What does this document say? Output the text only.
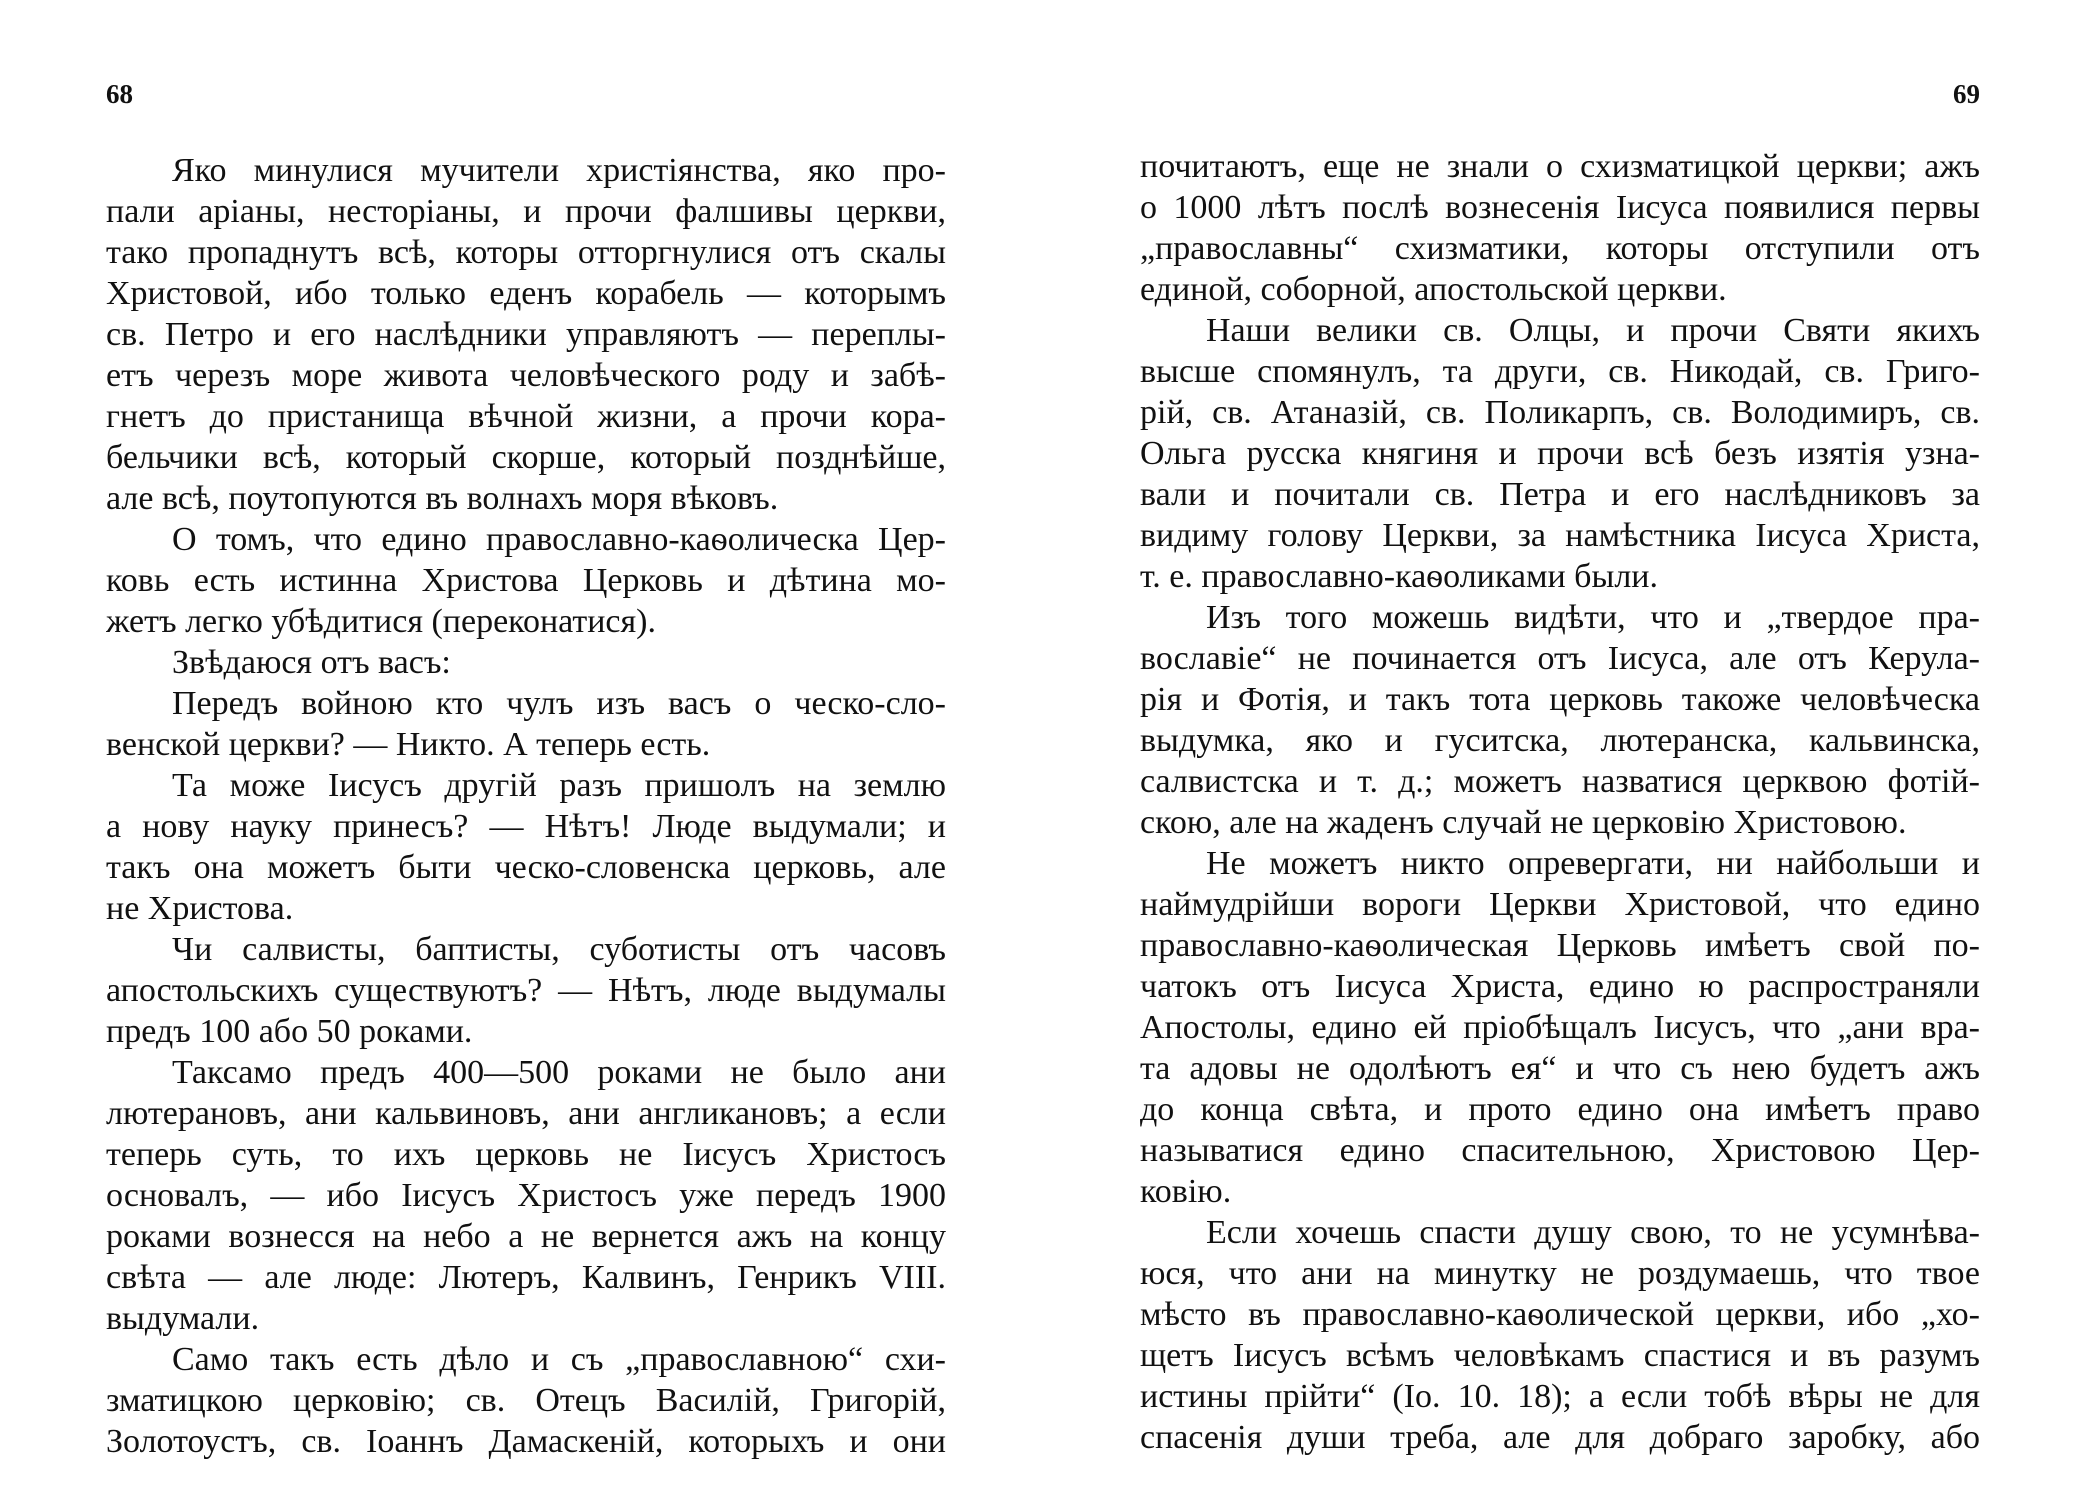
68
Яко минулися мучители христіянства, яко про-
пали аріаны, несторіаны, и прочи фалшивы церкви,
тако пропаднутъ всѣ, которы отторгнулися отъ скалы
Христовой, ибо только еденъ корабель — которымъ
св. Петро и его наслѣдники управляютъ — переплы-
етъ черезъ море живота человѣческого роду и забѣ-
гнетъ до пристанища вѣчной жизни, а прочи кора-
бельчики всѣ, который скорше, который позднѣйше,
але всѣ, поутопуются въ волнахъ моря вѣковъ.
О томъ, что едино православно-каѳолическа Цер-
ковь есть истинна Христова Церковь и дѣтина мо-
жетъ легко убѣдитися (переконатися).
Звѣдаюся отъ васъ:
Передъ войною кто чулъ изъ васъ о ческо-сло-
венской церкви? — Никто. А теперь есть.
Та може Іисусъ другій разъ пришолъ на землю
а нову науку принесъ? — Нѣтъ! Люде выдумали; и
такъ она можетъ быти ческо-словенска церковь, але
не Христова.
Чи салвисты, баптисты, суботисты отъ часовъ
апостольскихъ существуютъ? — Нѣтъ, люде выдумалы
предъ 100 або 50 роками.
Таксамо предъ 400—500 роками не было ани
лютерановъ, ани кальвиновъ, ани англикановъ; а если
теперь суть, то ихъ церковь не Іисусъ Христосъ
основалъ, — ибо Іисусъ Христосъ уже передъ 1900
роками вознесся на небо а не вернется ажъ на концу
свѣта — але люде: Лютеръ, Калвинъ, Генрикъ VIII.
выдумали.
Само такъ есть дѣло и съ „православною“ схи-
зматицкою церковію; св. Отецъ Василій, Григорій,
Золотоустъ, св. Іоаннъ Дамаскеній, которыхъ и они
69
почитаютъ, еще не знали о схизматицкой церкви; ажъ
о 1000 лѣтъ послѣ вознесенія Іисуса появилися первы
„православны“ схизматики, которы отступили отъ
единой, соборной, апостольской церкви.
Наши велики св. Олцы, и прочи Святи якихъ
высше спомянулъ, та други, св. Никодай, св. Григо-
рій, св. Атаназій, св. Поликарпъ, св. Володимиръ, св.
Ольга русска княгиня и прочи всѣ безъ изятія узна-
вали и почитали св. Петра и его наслѣдниковъ за
видиму голову Церкви, за намѣстника Іисуса Христа,
т. е. православно-каѳоликами были.
Изъ того можешь видѣти, что и „твердое пра-
вославіе“ не починается отъ Іисуса, але отъ Керула-
рія и Фотія, и такъ тота церковь такоже человѣческа
выдумка, яко и гуситска, лютеранска, кальвинска,
салвистска и т. д.; можетъ назватися церквою фотій-
скою, але на жаденъ случай не церковію Христовою.
Не можетъ никто опревергати, ни найбольши и
наймудрійши вороги Церкви Христовой, что едино
православно-каѳолическая Церковь имѣетъ свой по-
чатокъ отъ Іисуса Христа, едино ю распространяли
Апостолы, едино ей пріобѣщалъ Іисусъ, что „ани вра-
та адовы не одолѣютъ ея“ и что съ нею будетъ ажъ
до конца свѣта, и прото едино она имѣетъ право
называтися едино спасительною, Христовою Цер-
ковію.
Если хочешь спасти душу свою, то не усумнѣва-
юся, что ани на минутку не роздумаешь, что твое
мѣсто въ православно-каѳолической церкви, ибо „хо-
щетъ Іисусъ всѣмъ человѣкамъ спастися и въ разумъ
истины прійти“ (Іо. 10. 18); а если тобѣ вѣры не для
спасенія души треба, але для добраго заробку, або
